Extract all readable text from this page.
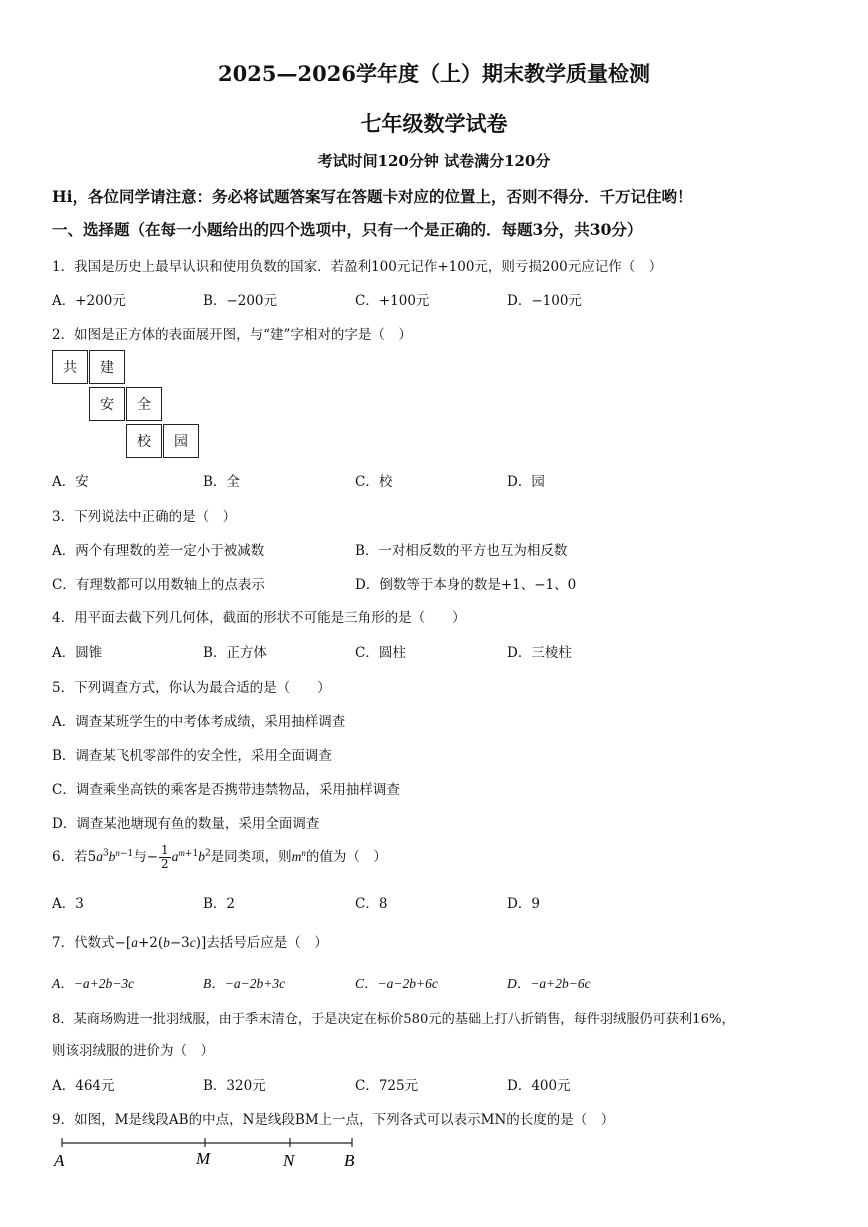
2025—2026学年度（上）期末教学质量检测
七年级数学试卷
考试时间120分钟 试卷满分120分
Hi，各位同学请注意：务必将试题答案写在答题卡对应的位置上，否则不得分．千万记住哟！
一、选择题（在每一小题给出的四个选项中，只有一个是正确的．每题3分，共30分）
1．我国是历史上最早认识和使用负数的国家．若盈利100元记作+100元，则亏损200元应记作（　）
A．+200元	B．−200元	C．+100元	D．−100元
2．如图是正方体的表面展开图，与“建”字相对的字是（　）
共	建
安	全
校	园
A．安	B．全	C．校	D．园
3．下列说法中正确的是（　）
A．两个有理数的差一定小于被减数	B．一对相反数的平方也互为相反数
C．有理数都可以用数轴上的点表示	D．倒数等于本身的数是+1、−1、0
4．用平面去截下列几何体，截面的形状不可能是三角形的是（　　）
A．圆锥	B．正方体	C．圆柱	D．三棱柱
5．下列调查方式，你认为最合适的是（　　）
A．调查某班学生的中考体考成绩，采用抽样调查
B．调查某飞机零部件的安全性，采用全面调查
C．调查乘坐高铁的乘客是否携带违禁物品，采用抽样调查
D．调查某池塘现有鱼的数量，采用全面调查
6．若$5a^3b^{n-1}$与− $\frac{1}{2} a^{m+1}b^2$是同类项，则$m^n$的值为（　）
A．3	B．2	C．8	D．9
7．代数式−[a+2(b−3c)]去括号后应是（　）
A．−a+2b−3c	B．−a−2b+3c	C．−a−2b+6c	D．−a+2b−6c
8．某商场购进一批羽绒服，由于季末清仓，于是决定在标价580元的基础上打八折销售，每件羽绒服仍可获利16%，
则该羽绒服的进价为（　）
A．464元	B．320元	C．725元	D．400元
9．如图，M是线段AB的中点，N是线段BM上一点，下列各式可以表示MN的长度的是（　）
A	M	N	B
